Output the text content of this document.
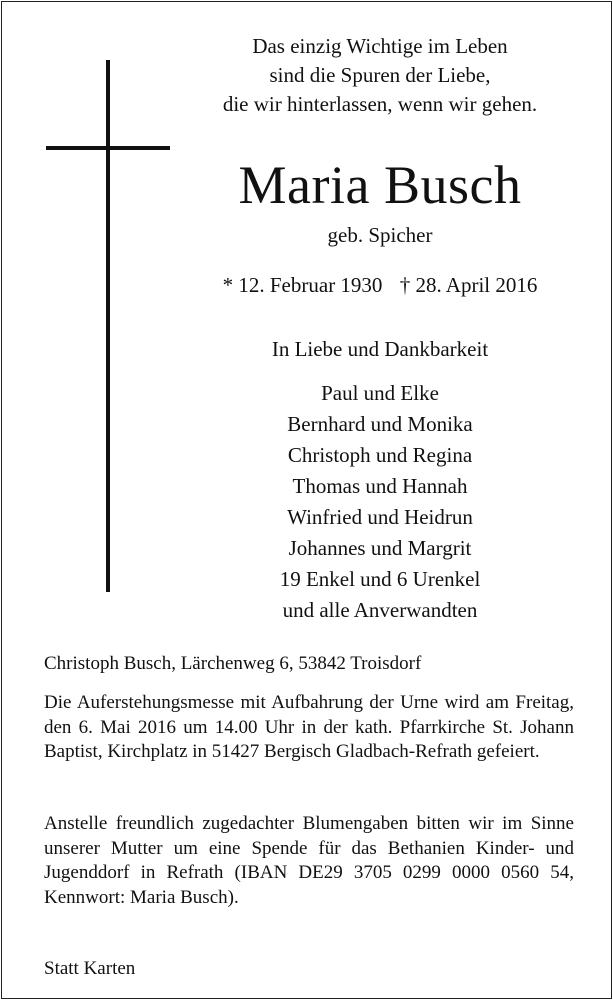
Das einzig Wichtige im Leben
sind die Spuren der Liebe,
die wir hinterlassen, wenn wir gehen.
Maria Busch
geb. Spicher
* 12. Februar 1930 † 28. April 2016
In Liebe und Dankbarkeit
Paul und Elke
Bernhard und Monika
Christoph und Regina
Thomas und Hannah
Winfried und Heidrun
Johannes und Margrit
19 Enkel und 6 Urenkel
und alle Anverwandten
Christoph Busch, Lärchenweg 6, 53842 Troisdorf
Die Auferstehungsmesse mit Aufbahrung der Urne wird am Freitag, den 6. Mai 2016 um 14.00 Uhr in der kath. Pfarrkirche St. Johann Baptist, Kirchplatz in 51427 Bergisch Gladbach-Refrath gefeiert.
Anstelle freundlich zugedachter Blumengaben bitten wir im Sinne unserer Mutter um eine Spende für das Bethanien Kinder- und Jugenddorf in Refrath (IBAN DE29 3705 0299 0000 0560 54, Kennwort: Maria Busch).
Statt Karten
